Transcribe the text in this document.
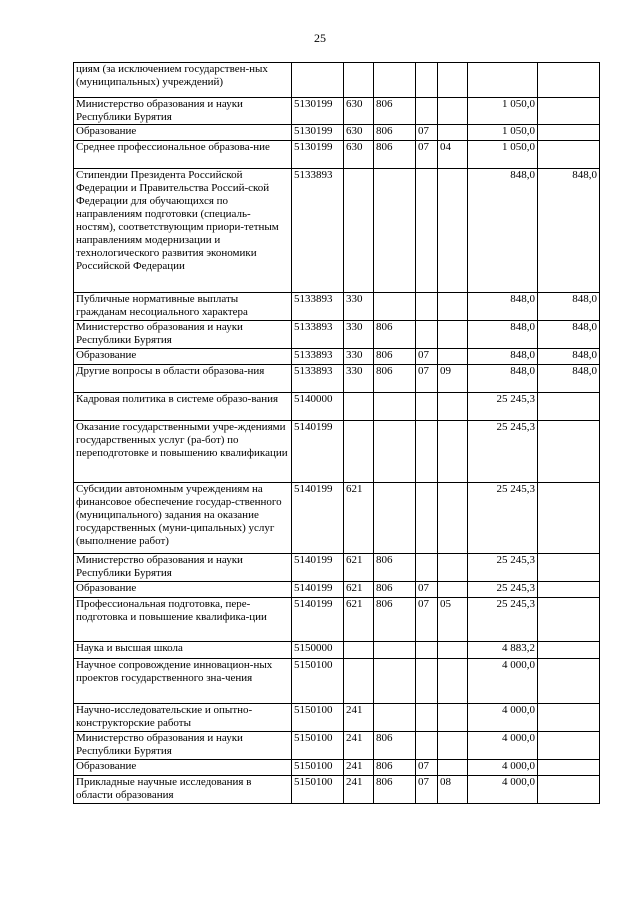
25
циям (за исключением государствен-ных (муниципальных) учреждений)							
Министерство образования и науки Республики Бурятия	5130199	630	806			1 050,0	
Образование	5130199	630	806	07		1 050,0	
Среднее профессиональное образова-ние	5130199	630	806	07	04	1 050,0	
Стипендии Президента Российской Федерации и Правительства Россий-ской Федерации для обучающихся по направлениям подготовки (специаль-ностям), соответствующим приори-тетным направлениям модернизации и технологического развития экономики Российской Федерации	5133893					848,0	848,0
Публичные нормативные выплаты гражданам несоциального характера	5133893	330				848,0	848,0
Министерство образования и науки Республики Бурятия	5133893	330	806			848,0	848,0
Образование	5133893	330	806	07		848,0	848,0
Другие вопросы в области образова-ния	5133893	330	806	07	09	848,0	848,0
Кадровая политика в системе образо-вания	5140000					25 245,3	
Оказание государственными учре-ждениями государственных услуг (ра-бот) по переподготовке и повышению квалификации	5140199					25 245,3	
Субсидии автономным учреждениям на финансовое обеспечение государ-ственного (муниципального) задания на оказание государственных (муни-ципальных) услуг (выполнение работ)	5140199	621				25 245,3	
Министерство образования и науки Республики Бурятия	5140199	621	806			25 245,3	
Образование	5140199	621	806	07		25 245,3	
Профессиональная подготовка, пере-подготовка и повышение квалифика-ции	5140199	621	806	07	05	25 245,3	
Наука и высшая школа	5150000					4 883,2	
Научное сопровождение инновацион-ных проектов государственного зна-чения	5150100					4 000,0	
Научно-исследовательские и опытно-конструкторские работы	5150100	241				4 000,0	
Министерство образования и науки Республики Бурятия	5150100	241	806			4 000,0	
Образование	5150100	241	806	07		4 000,0	
Прикладные научные исследования в области образования	5150100	241	806	07	08	4 000,0	
